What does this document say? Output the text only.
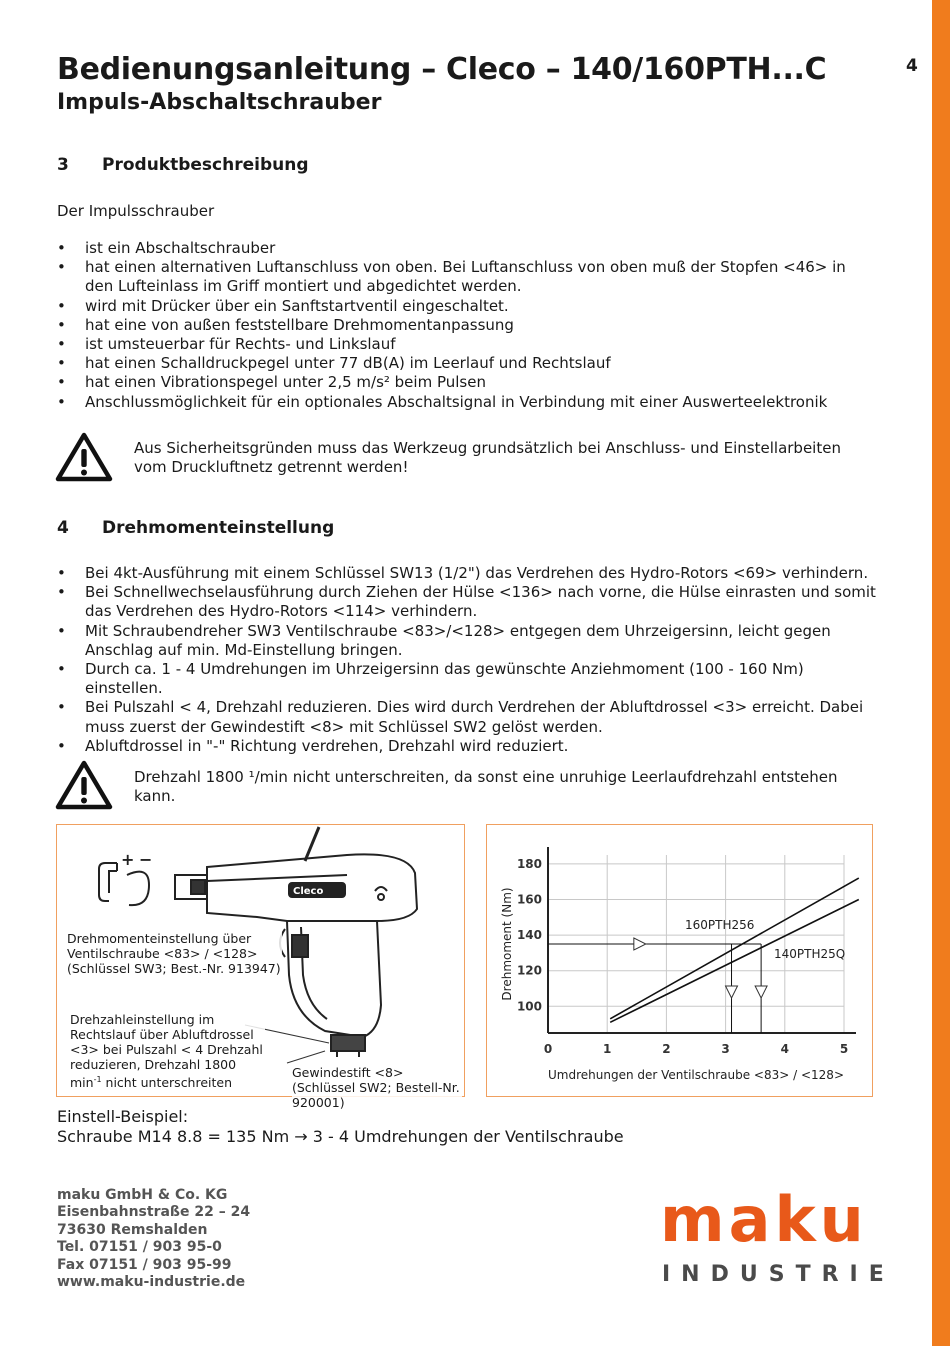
4
Bedienungsanleitung – Cleco – 140/160PTH...C
Impuls-Abschaltschrauber
3 Produktbeschreibung
Der Impulsschrauber
• ist ein Abschaltschrauber
• hat einen alternativen Luftanschluss von oben. Bei Luftanschluss von oben muß der Stopfen <46> in den Lufteinlass im Griff montiert und abgedichtet werden.
• wird mit Drücker über ein Sanftstartventil eingeschaltet.
• hat eine von außen feststellbare Drehmomentanpassung
• ist umsteuerbar für Rechts- und Linkslauf
• hat einen Schalldruckpegel unter 77 dB(A) im Leerlauf und Rechtslauf
• hat einen Vibrationspegel unter 2,5 m/s² beim Pulsen
• Anschlussmöglichkeit für ein optionales Abschaltsignal in Verbindung mit einer Auswerteelektronik
Aus Sicherheitsgründen muss das Werkzeug grundsätzlich bei Anschluss- und Einstellarbeiten vom Druckluftnetz getrennt werden!
4 Drehmomenteinstellung
• Bei 4kt-Ausführung mit einem Schlüssel SW13 (1/2") das Verdrehen des Hydro-Rotors <69> verhindern.
• Bei Schnellwechselausführung durch Ziehen der Hülse <136> nach vorne, die Hülse einrasten und somit das Verdrehen des Hydro-Rotors <114> verhindern.
• Mit Schraubendreher SW3 Ventilschraube <83>/<128> entgegen dem Uhrzeigersinn, leicht gegen Anschlag auf min. Md-Einstellung bringen.
• Durch ca. 1 - 4 Umdrehungen im Uhrzeigersinn das gewünschte Anziehmoment (100 - 160 Nm) einstellen.
• Bei Pulszahl < 4, Drehzahl reduzieren. Dies wird durch Verdrehen der Abluftdrossel <3> erreicht. Dabei muss zuerst der Gewindestift <8> mit Schlüssel SW2 gelöst werden.
• Abluftdrossel in "-" Richtung verdrehen, Drehzahl wird reduziert.
Drehzahl 1800 ¹/min nicht unterschreiten, da sonst eine unruhige Leerlaufdrehzahl entstehen kann.
Cleco
+ −
Drehmomenteinstellung über Ventilschraube <83> / <128> (Schlüssel SW3; Best.-Nr. 913947)
Drehzahleinstellung im Rechtslauf über Abluftdrossel <3> bei Pulszahl < 4 Drehzahl reduzieren, Drehzahl 1800 $\min^{-1}$ nicht unterschreiten
Gewindestift <8> (Schlüssel SW2; Bestell-Nr. 920001)
100
120
140
160
180
0	1	2	3	4	5
160PTH256
140PTH25Q
Drehmoment (Nm)
Umdrehungen der Ventilschraube <83> / <128>
Einstell-Beispiel:
Schraube M14 8.8 = 135 Nm → 3 - 4 Umdrehungen der Ventilschraube
maku GmbH & Co. KG
Eisenbahnstraße 22 – 24
73630 Remshalden
Tel. 07151 / 903 95-0
Fax 07151 / 903 95-99
www.maku-industrie.de
maku
INDUSTRIE
